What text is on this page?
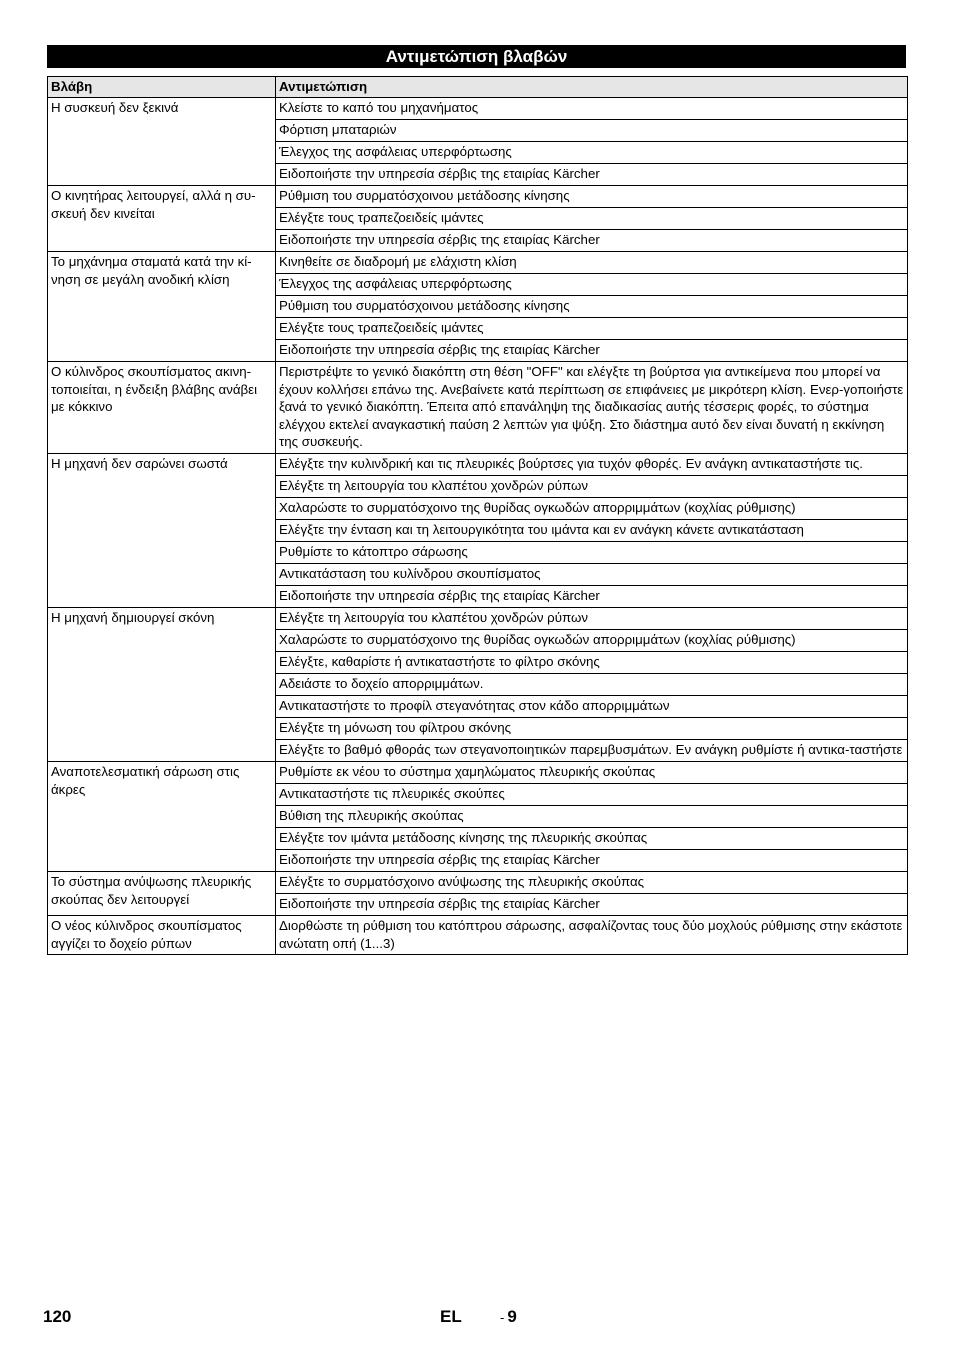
Αντιμετώπιση βλαβών
Βλάβη	Αντιμετώπιση
Η συσκευή δεν ξεκινά	Κλείστε το καπό του μηχανήματος
	Φόρτιση μπαταριών
	Έλεγχος της ασφάλειας υπερφόρτωσης
	Ειδοποιήστε την υπηρεσία σέρβις της εταιρίας Kärcher
Ο κινητήρας λειτουργεί, αλλά η συ-σκευή δεν κινείται	Ρύθμιση του συρματόσχοινου μετάδοσης κίνησης
	Ελέγξτε τους τραπεζοειδείς ιμάντες
	Ειδοποιήστε την υπηρεσία σέρβις της εταιρίας Kärcher
Το μηχάνημα σταματά κατά την κί-νηση σε μεγάλη ανοδική κλίση	Κινηθείτε σε διαδρομή με ελάχιστη κλίση
	Έλεγχος της ασφάλειας υπερφόρτωσης
	Ρύθμιση του συρματόσχοινου μετάδοσης κίνησης
	Ελέγξτε τους τραπεζοειδείς ιμάντες
	Ειδοποιήστε την υπηρεσία σέρβις της εταιρίας Kärcher
Ο κύλινδρος σκουπίσματος ακινη-τοποιείται, η ένδειξη βλάβης ανάβει με κόκκινο	Περιστρέψτε το γενικό διακόπτη στη θέση "OFF" και ελέγξτε τη βούρτσα για αντικείμενα που μπορεί να έχουν κολλήσει επάνω της. Ανεβαίνετε κατά περίπτωση σε επιφάνειες με μικρότερη κλίση. Ενερ-γοποιήστε ξανά το γενικό διακόπτη. Έπειτα από επανάληψη της διαδικασίας αυτής τέσσερις φορές, το σύστημα ελέγχου εκτελεί αναγκαστική παύση 2 λεπτών για ψύξη. Στο διάστημα αυτό δεν είναι δυνατή η εκκίνηση της συσκευής.
Η μηχανή δεν σαρώνει σωστά	Ελέγξτε την κυλινδρική και τις πλευρικές βούρτσες για τυχόν φθορές. Εν ανάγκη αντικαταστήστε τις.
	Ελέγξτε τη λειτουργία του κλαπέτου χονδρών ρύπων
	Χαλαρώστε το συρματόσχοινο της θυρίδας ογκωδών απορριμμάτων (κοχλίας ρύθμισης)
	Ελέγξτε την ένταση και τη λειτουργικότητα του ιμάντα και εν ανάγκη κάνετε αντικατάσταση
	Ρυθμίστε το κάτοπτρο σάρωσης
	Αντικατάσταση του κυλίνδρου σκουπίσματος
	Ειδοποιήστε την υπηρεσία σέρβις της εταιρίας Kärcher
Η μηχανή δημιουργεί σκόνη	Ελέγξτε τη λειτουργία του κλαπέτου χονδρών ρύπων
	Χαλαρώστε το συρματόσχοινο της θυρίδας ογκωδών απορριμμάτων (κοχλίας ρύθμισης)
	Ελέγξτε, καθαρίστε ή αντικαταστήστε το φίλτρο σκόνης
	Αδειάστε το δοχείο απορριμμάτων.
	Αντικαταστήστε το προφίλ στεγανότητας στον κάδο απορριμμάτων
	Ελέγξτε τη μόνωση του φίλτρου σκόνης
	Ελέγξτε το βαθμό φθοράς των στεγανοποιητικών παρεμβυσμάτων. Εν ανάγκη ρυθμίστε ή αντικα-ταστήστε
Αναποτελεσματική σάρωση στις άκρες	Ρυθμίστε εκ νέου το σύστημα χαμηλώματος πλευρικής σκούπας
	Αντικαταστήστε τις πλευρικές σκούπες
	Βύθιση της πλευρικής σκούπας
	Ελέγξτε τον ιμάντα μετάδοσης κίνησης της πλευρικής σκούπας
	Ειδοποιήστε την υπηρεσία σέρβις της εταιρίας Kärcher
Το σύστημα ανύψωσης πλευρικής σκούπας δεν λειτουργεί	Ελέγξτε το συρματόσχοινο ανύψωσης της πλευρικής σκούπας
	Ειδοποιήστε την υπηρεσία σέρβις της εταιρίας Kärcher
Ο νέος κύλινδρος σκουπίσματος αγγίζει το δοχείο ρύπων	Διορθώστε τη ρύθμιση του κατόπτρου σάρωσης, ασφαλίζοντας τους δύο μοχλούς ρύθμισης στην εκάστοτε ανώτατη οπή (1...3)
120	EL	- 9
